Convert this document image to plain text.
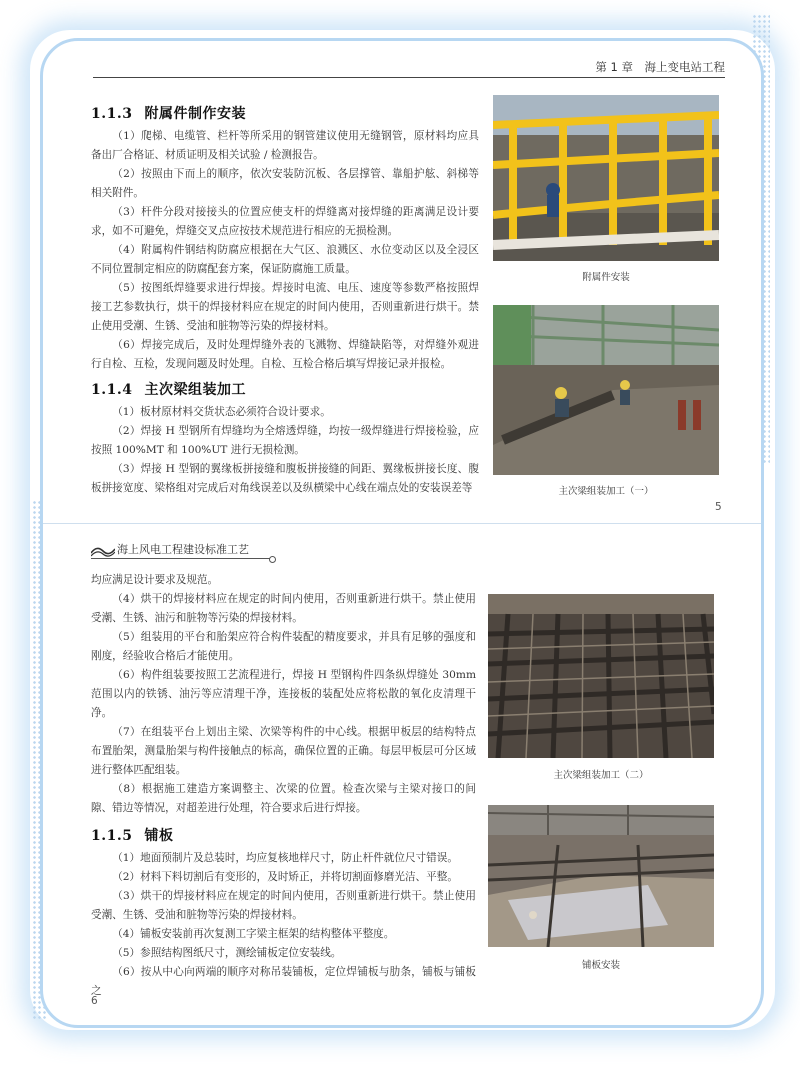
第 1 章　海上变电站工程
1.1.3 附属件制作安装

（1）爬梯、电缆管、栏杆等所采用的钢管建议使用无缝钢管，原材料均应具备出厂合格证、材质证明及相关试验 / 检测报告。

（2）按照由下而上的顺序，依次安装防沉板、各层撑管、靠船护舷、斜梯等相关附件。

（3）杆件分段对接接头的位置应使支杆的焊缝离对接焊缝的距离满足设计要求，如不可避免，焊缝交叉点应按技术规范进行相应的无损检测。

（4）附属构件钢结构防腐应根据在大气区、浪溅区、水位变动区以及全浸区不同位置制定相应的防腐配套方案，保证防腐施工质量。

（5）按图纸焊缝要求进行焊接。焊接时电流、电压、速度等参数严格按照焊接工艺参数执行，烘干的焊接材料应在规定的时间内使用，否则重新进行烘干。禁止使用受潮、生锈、受油和脏物等污染的焊接材料。

（6）焊接完成后，及时处理焊缝外表的飞溅物、焊缝缺陷等，对焊缝外观进行自检、互检，发现问题及时处理。自检、互检合格后填写焊接记录并报检。

1.1.4 主次梁组装加工

（1）板材原材料交货状态必须符合设计要求。

（2）焊接 H 型钢所有焊缝均为全熔透焊缝，均按一级焊缝进行焊接检验，应按照 100%MT 和 100%UT 进行无损检测。

（3）焊接 H 型钢的翼缘板拼接缝和腹板拼接缝的间距、翼缘板拼接长度、腹板拼接宽度、梁格组对完成后对角线误差以及纵横梁中心线在端点处的安装误差等

附属件安装
主次梁组装加工（一）
5
海上风电工程建设标准工艺

均应满足设计要求及规范。

（4）烘干的焊接材料应在规定的时间内使用，否则重新进行烘干。禁止使用受潮、生锈、油污和脏物等污染的焊接材料。

（5）组装用的平台和胎架应符合构件装配的精度要求，并具有足够的强度和刚度，经验收合格后才能使用。

（6）构件组装要按照工艺流程进行，焊接 H 型钢构件四条纵焊缝处 30mm 范围以内的铁锈、油污等应清理干净，连接板的装配处应将松散的氧化皮清理干净。

（7）在组装平台上划出主梁、次梁等构件的中心线。根据甲板层的结构特点布置胎架，测量胎架与构件接触点的标高，确保位置的正确。每层甲板层可分区域进行整体匹配组装。

（8）根据施工建造方案调整主、次梁的位置。检查次梁与主梁对接口的间隙、错边等情况，对超差进行处理，符合要求后进行焊接。

1.1.5 铺板

（1）地面预制片及总装时，均应复核地样尺寸，防止杆件就位尺寸错误。

（2）材料下料切割后有变形的，及时矫正，并将切割面修磨光洁、平整。

（3）烘干的焊接材料应在规定的时间内使用，否则重新进行烘干。禁止使用受潮、生锈、受油和脏物等污染的焊接材料。

（4）铺板安装前再次复测工字梁主框架的结构整体平整度。

（5）参照结构图纸尺寸，测绘铺板定位安装线。

（6）按从中心向两端的顺序对称吊装铺板，定位焊铺板与肋条，铺板与铺板之

主次梁组装加工（二）
铺板安装
6
